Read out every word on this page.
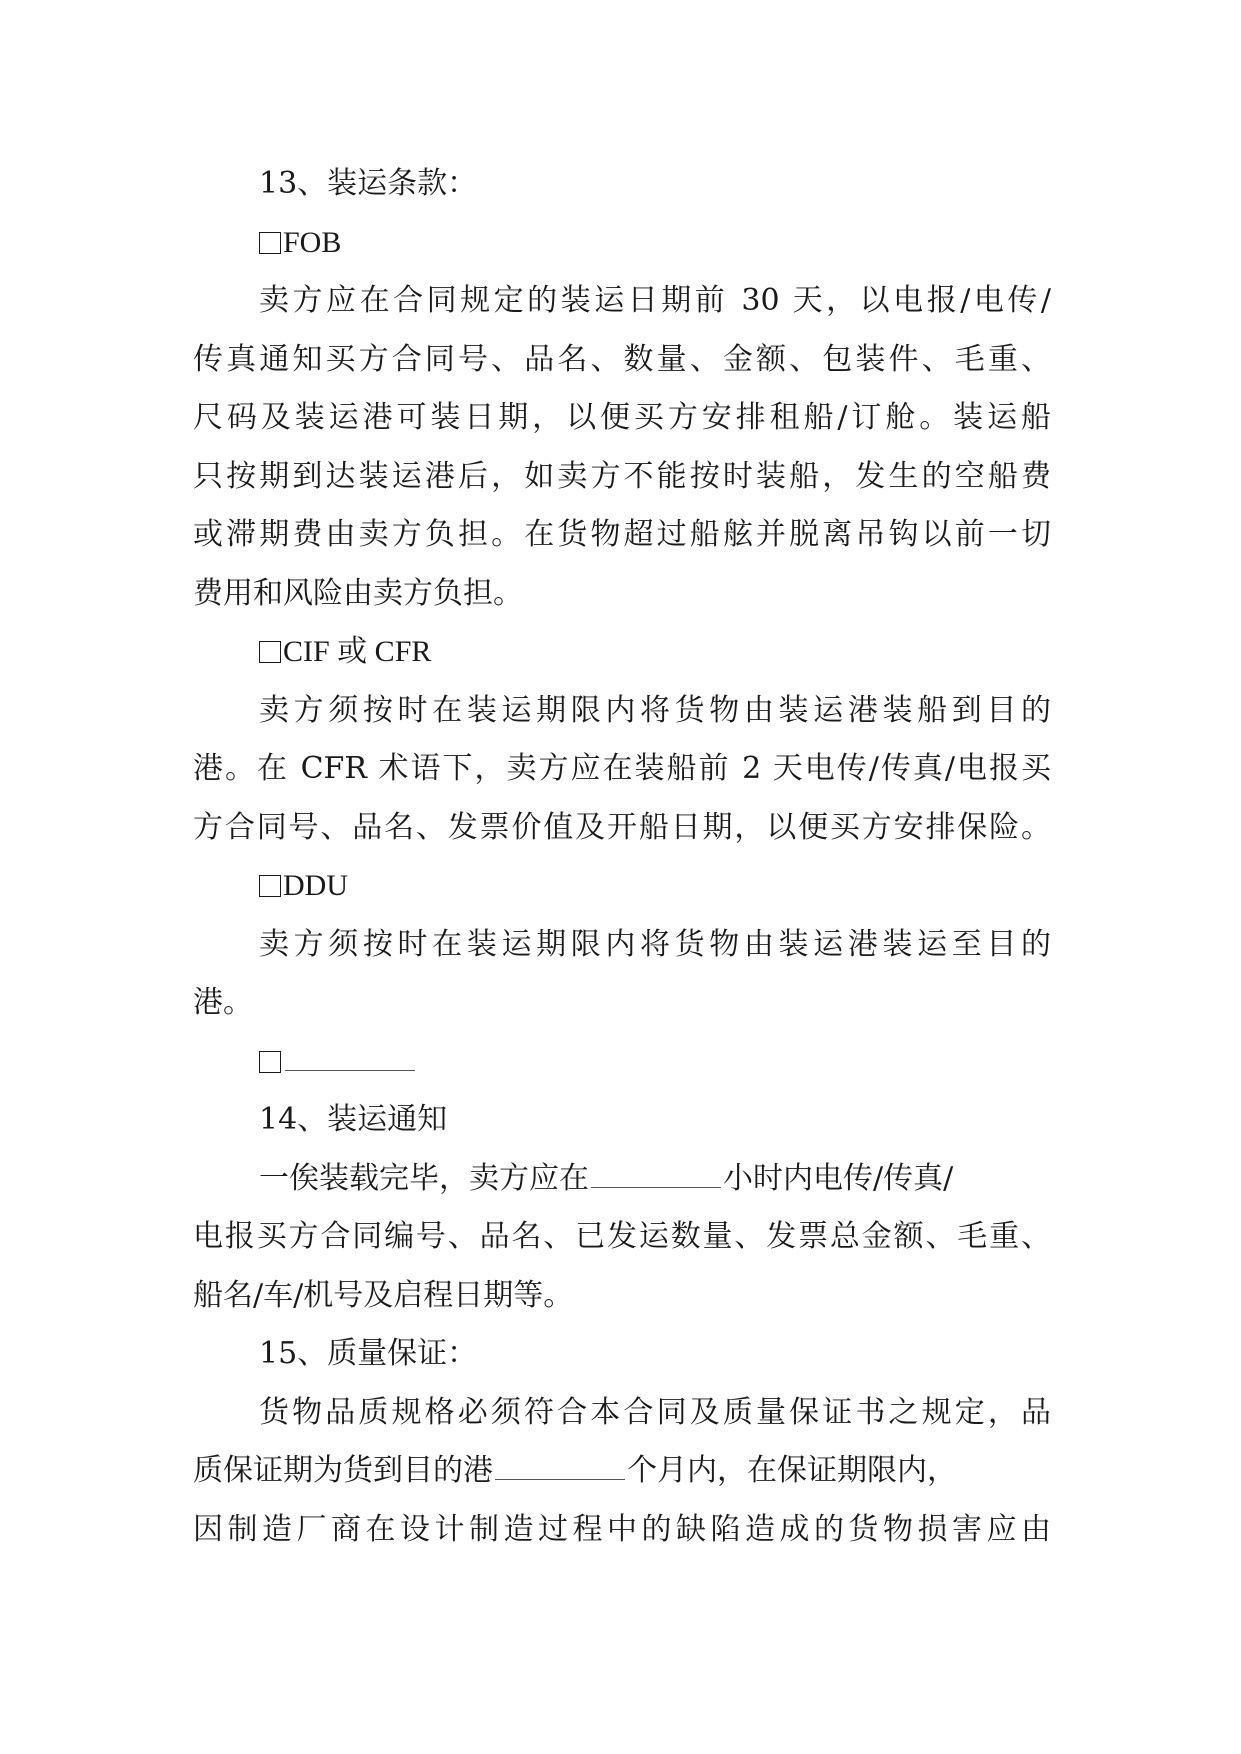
13、装运条款：

FOB

卖方应在合同规定的装运日期前 30 天，以电报/电传/

传真通知买方合同号、品名、数量、金额、包装件、毛重、

尺码及装运港可装日期，以便买方安排租船/订舱。装运船

只按期到达装运港后，如卖方不能按时装船，发生的空船费

或滞期费由卖方负担。在货物超过船舷并脱离吊钩以前一切

费用和风险由卖方负担。

CIF 或 CFR

卖方须按时在装运期限内将货物由装运港装船到目的

港。在 CFR 术语下，卖方应在装船前 2 天电传/传真/电报买

方合同号、品名、发票价值及开船日期，以便买方安排保险。

DDU

卖方须按时在装运期限内将货物由装运港装运至目的

港。

14、装运通知

一俟装载完毕，卖方应在	小时内电传/传真/

电报买方合同编号、品名、已发运数量、发票总金额、毛重、

船名/车/机号及启程日期等。

15、质量保证：

货物品质规格必须符合本合同及质量保证书之规定，品

质保证期为货到目的港	个月内，在保证期限内，

因制造厂商在设计制造过程中的缺陷造成的货物损害应由
